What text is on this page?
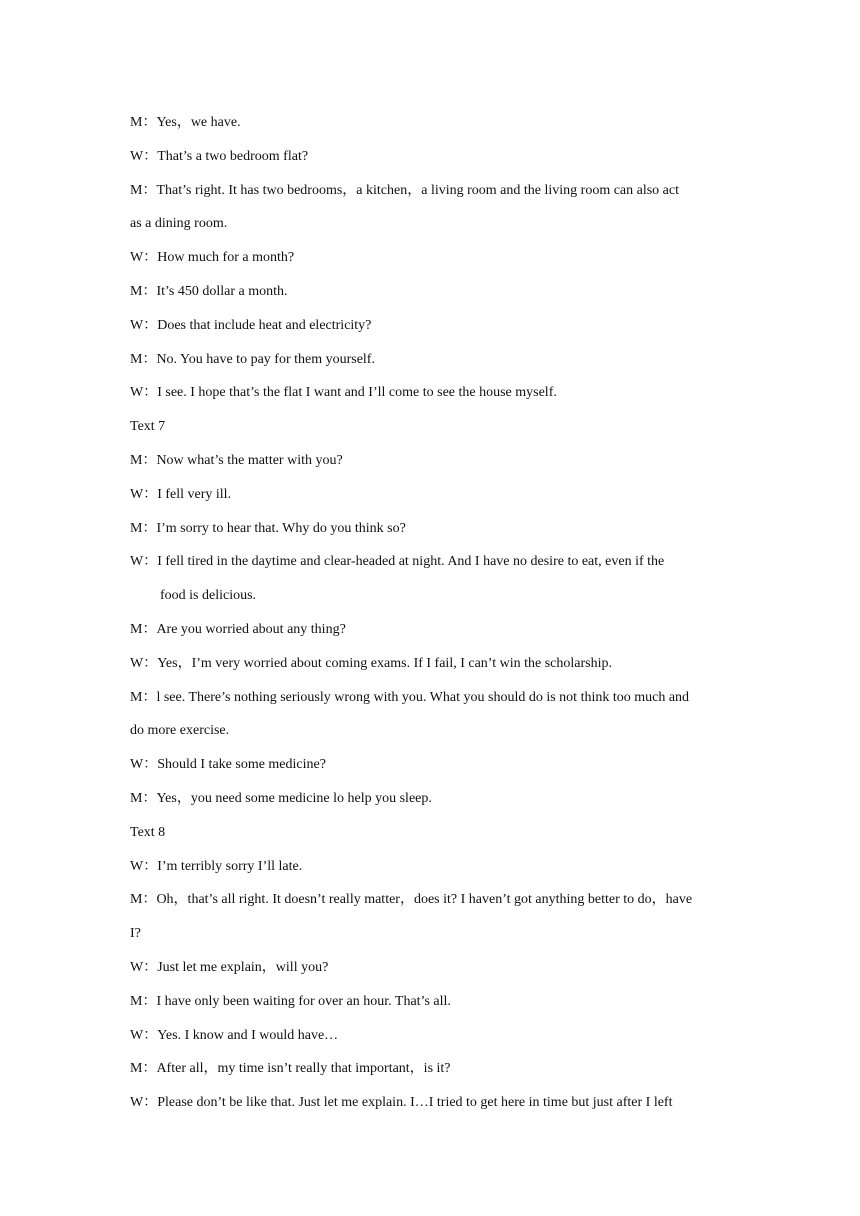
M：Yes，we have.
W：That’s a two bedroom flat?
M：That’s right. It has two bedrooms，a kitchen，a living room and the living room can also act
as a dining room.
W：How much for a month?
M：It’s 450 dollar a month.
W：Does that include heat and electricity?
M：No. You have to pay for them yourself.
W：I see. I hope that’s the flat I want and I’ll come to see the house myself.
Text 7
M：Now what’s the matter with you?
W：I fell very ill.
M：I’m sorry to hear that. Why do you think so?
W：I fell tired in the daytime and clear-headed at night. And I have no desire to eat, even if the
food is delicious.
M：Are you worried about any thing?
W：Yes，I’m very worried about coming exams. If I fail, I can’t win the scholarship.
M：l see. There’s nothing seriously wrong with you. What you should do is not think too much and
do more exercise.
W：Should I take some medicine?
M：Yes，you need some medicine lo help you sleep.
Text 8
W：I’m terribly sorry I’ll late.
M：Oh，that’s all right. It doesn’t really matter，does it? I haven’t got anything better to do，have
I?
W：Just let me explain，will you?
M：I have only been waiting for over an hour. That’s all.
W：Yes. I know and I would have…
M：After all，my time isn’t really that important，is it?
W：Please don’t be like that. Just let me explain. I…I tried to get here in time but just after I left
